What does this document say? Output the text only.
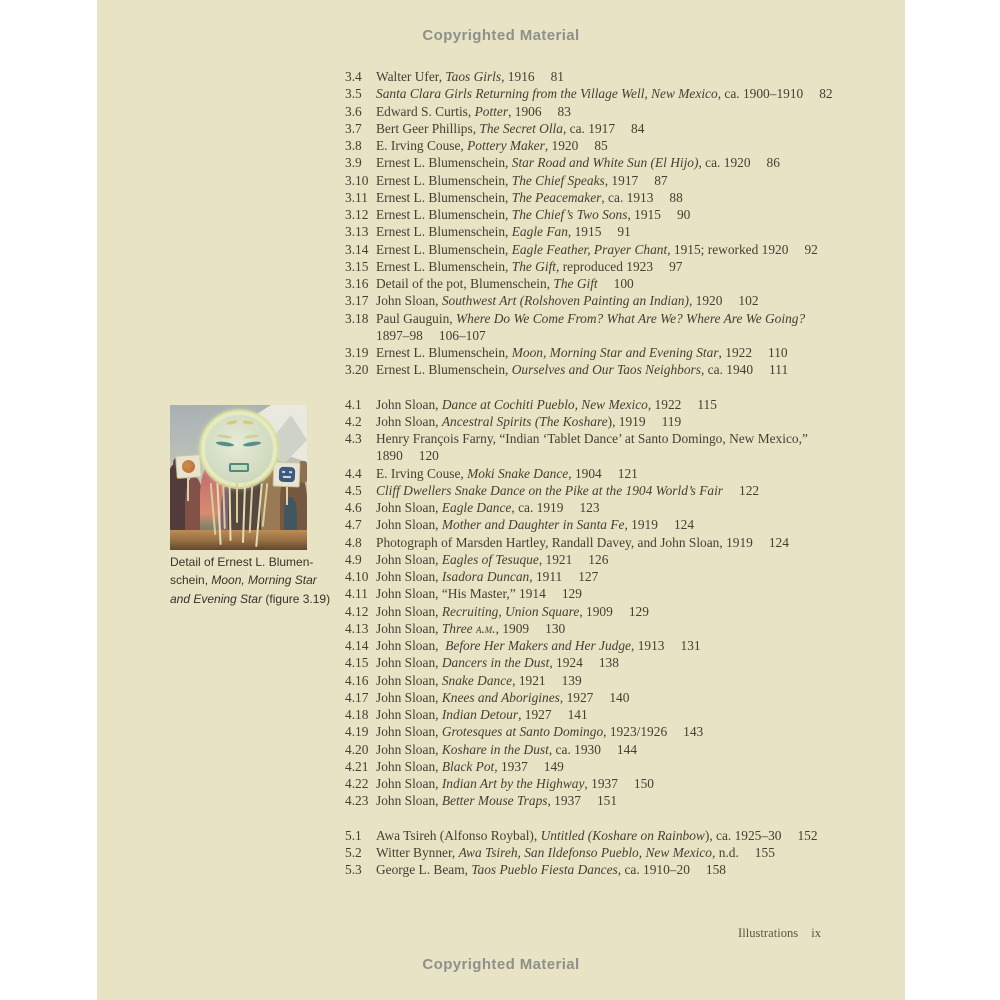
Copyrighted Material
3.4	Walter Ufer, Taos Girls, 1916 81
3.5	Santa Clara Girls Returning from the Village Well, New Mexico, ca. 1900–1910 82
3.6	Edward S. Curtis, Potter, 1906 83
3.7	Bert Geer Phillips, The Secret Olla, ca. 1917 84
3.8	E. Irving Couse, Pottery Maker, 1920 85
3.9	Ernest L. Blumenschein, Star Road and White Sun (El Hijo), ca. 1920 86
3.10 Ernest L. Blumenschein, The Chief Speaks, 1917 87
3.11 Ernest L. Blumenschein, The Peacemaker, ca. 1913 88
3.12 Ernest L. Blumenschein, The Chief’s Two Sons, 1915 90
3.13 Ernest L. Blumenschein, Eagle Fan, 1915 91
3.14 Ernest L. Blumenschein, Eagle Feather, Prayer Chant, 1915; reworked 1920 92
3.15 Ernest L. Blumenschein, The Gift, reproduced 1923 97
3.16 Detail of the pot, Blumenschein, The Gift 100
3.17 John Sloan, Southwest Art (Rolshoven Painting an Indian), 1920 102
3.18 Paul Gauguin, Where Do We Come From? What Are We? Where Are We Going?
1897–98 106–107
3.19 Ernest L. Blumenschein, Moon, Morning Star and Evening Star, 1922 110
3.20 Ernest L. Blumenschein, Ourselves and Our Taos Neighbors, ca. 1940 111
4.1	John Sloan, Dance at Cochiti Pueblo, New Mexico, 1922 115
4.2	John Sloan, Ancestral Spirits (The Koshare), 1919 119
4.3	Henry François Farny, “Indian ‘Tablet Dance’ at Santo Domingo, New Mexico,”
1890 120
4.4	E. Irving Couse, Moki Snake Dance, 1904 121
4.5	Cliff Dwellers Snake Dance on the Pike at the 1904 World’s Fair 122
4.6	John Sloan, Eagle Dance, ca. 1919 123
4.7	John Sloan, Mother and Daughter in Santa Fe, 1919 124
4.8	Photograph of Marsden Hartley, Randall Davey, and John Sloan, 1919 124
4.9	John Sloan, Eagles of Tesuque, 1921 126
4.10 John Sloan, Isadora Duncan, 1911 127
4.11 John Sloan, “His Master,” 1914 129
4.12 John Sloan, Recruiting, Union Square, 1909 129
4.13 John Sloan, Three a.m., 1909 130
4.14 John Sloan,  Before Her Makers and Her Judge, 1913 131
4.15 John Sloan, Dancers in the Dust, 1924 138
4.16 John Sloan, Snake Dance, 1921 139
4.17 John Sloan, Knees and Aborigines, 1927 140
4.18 John Sloan, Indian Detour, 1927 141
4.19 John Sloan, Grotesques at Santo Domingo, 1923/1926 143
4.20 John Sloan, Koshare in the Dust, ca. 1930 144
4.21 John Sloan, Black Pot, 1937 149
4.22 John Sloan, Indian Art by the Highway, 1937 150
4.23 John Sloan, Better Mouse Traps, 1937 151
5.1	Awa Tsireh (Alfonso Roybal), Untitled (Koshare on Rainbow), ca. 1925–30 152
5.2	Witter Bynner, Awa Tsireh, San Ildefonso Pueblo, New Mexico, n.d. 155
5.3	George L. Beam, Taos Pueblo Fiesta Dances, ca. 1910–20 158
Detail of Ernest L. Blumen-
schein, Moon, Morning Star
and Evening Star (figure 3.19)
Illustrations ix
Copyrighted Material
